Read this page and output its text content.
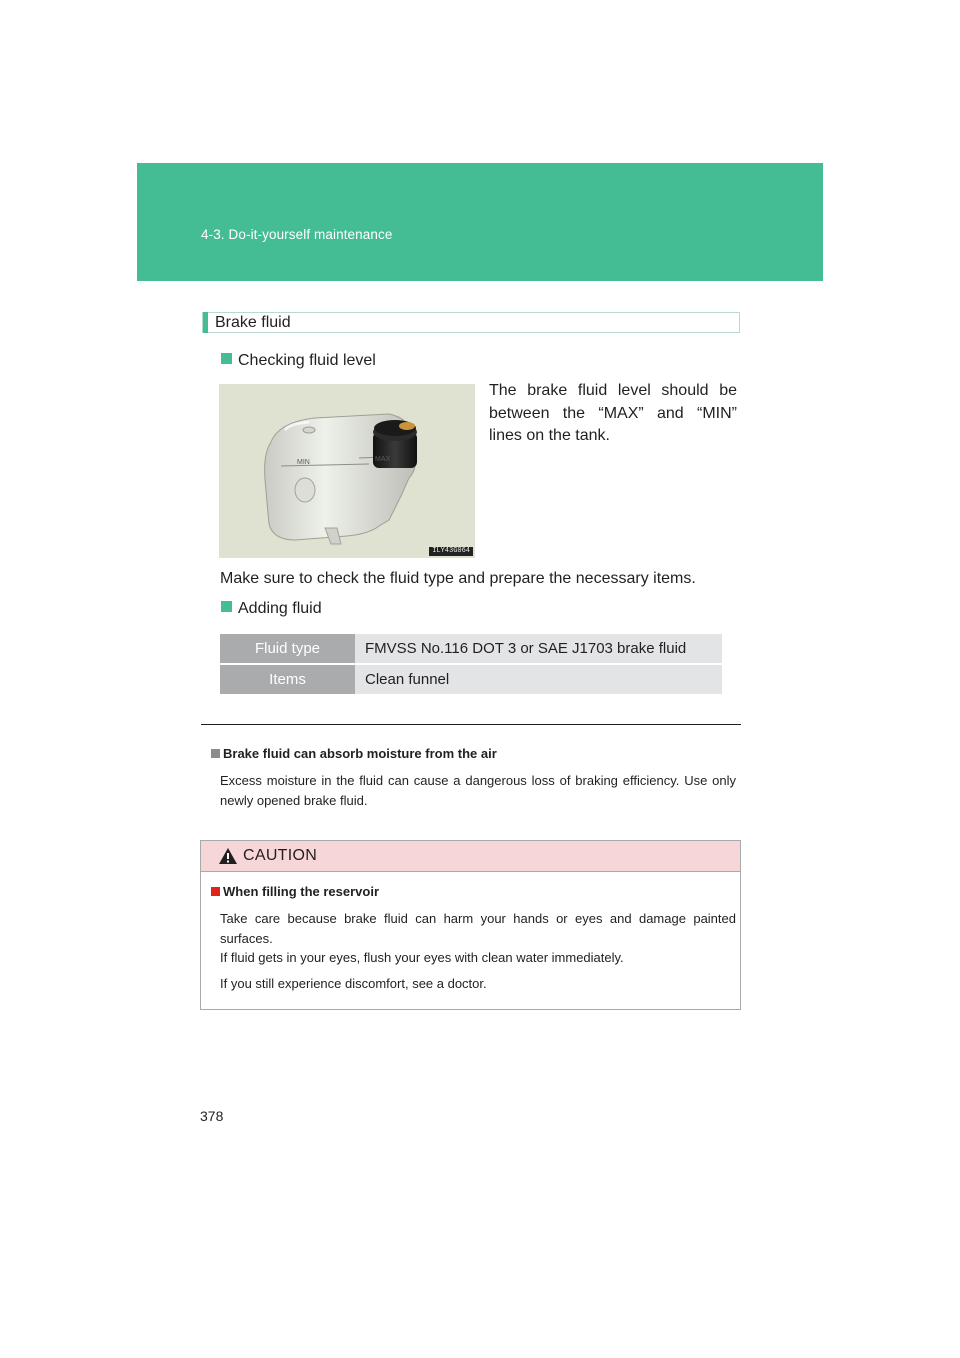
4-3. Do-it-yourself maintenance
Brake fluid
Checking fluid level
MIN	MAX
ILY43G064
The brake fluid level should be between the “MAX” and “MIN” lines on the tank.
Make sure to check the fluid type and prepare the necessary items.
Adding fluid
Fluid type	FMVSS No.116 DOT 3 or SAE J1703 brake fluid
Items	Clean funnel
Brake fluid can absorb moisture from the air
Excess moisture in the fluid can cause a dangerous loss of braking efficiency. Use only newly opened brake fluid.
CAUTION
When filling the reservoir
Take care because brake fluid can harm your hands or eyes and damage painted surfaces.
If fluid gets in your eyes, flush your eyes with clean water immediately.
If you still experience discomfort, see a doctor.
378
